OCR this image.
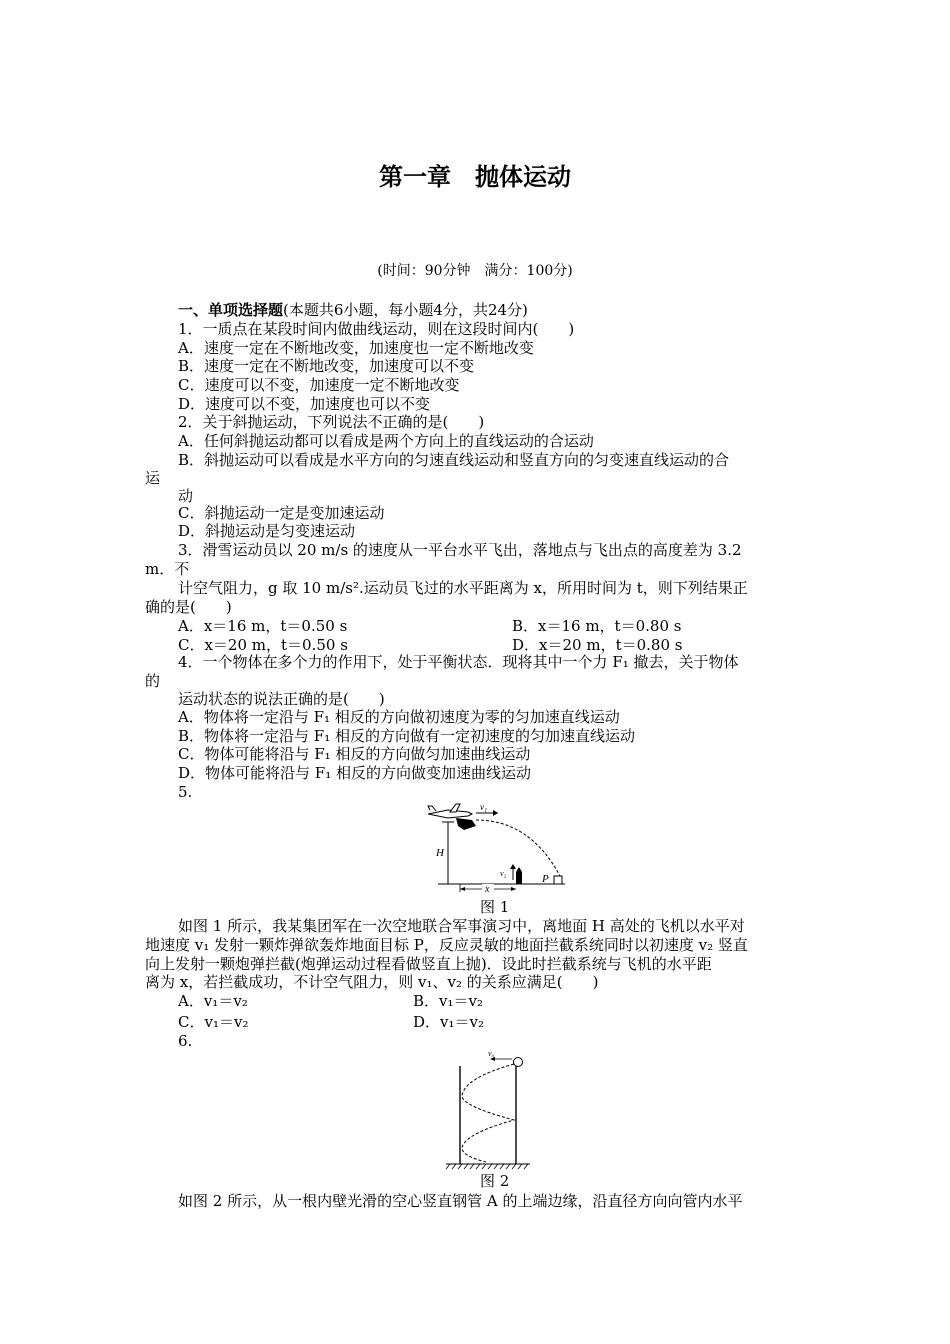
第一章　抛体运动
(时间：90分钟　满分：100分)
一、单项选择题(本题共6小题，每小题4分，共24分)
1．一质点在某段时间内做曲线运动，则在这段时间内(　　)
A．速度一定在不断地改变，加速度也一定不断地改变
B．速度一定在不断地改变，加速度可以不变
C．速度可以不变，加速度一定不断地改变
D．速度可以不变，加速度也可以不变
2．关于斜抛运动，下列说法不正确的是(　　)
A．任何斜抛运动都可以看成是两个方向上的直线运动的合运动
B．斜抛运动可以看成是水平方向的匀速直线运动和竖直方向的匀变速直线运动的合
运
动
C．斜抛运动一定是变加速运动
D．斜抛运动是匀变速运动
3．滑雪运动员以 20 m/s 的速度从一平台水平飞出，落地点与飞出点的高度差为 3.2
m．不
计空气阻力，g 取 10 m/s².运动员飞过的水平距离为 x，所用时间为 t，则下列结果正
确的是(　　)
A．x＝16 m，t＝0.50 s	B．x＝16 m，t＝0.80 s
C．x＝20 m，t＝0.50 s	D．x＝20 m，t＝0.80 s
4．一个物体在多个力的作用下，处于平衡状态．现将其中一个力 F₁ 撤去，关于物体
的
运动状态的说法正确的是(　　)
A．物体将一定沿与 F₁ 相反的方向做初速度为零的匀加速直线运动
B．物体将一定沿与 F₁ 相反的方向做有一定初速度的匀加速直线运动
C．物体可能将沿与 F₁ 相反的方向做匀加速曲线运动
D．物体可能将沿与 F₁ 相反的方向做变加速曲线运动
5.
v₁
H
v₂	P
x
图 1
如图 1 所示，我某集团军在一次空地联合军事演习中，离地面 H 高处的飞机以水平对
地速度 v₁ 发射一颗炸弹欲轰炸地面目标 P，反应灵敏的地面拦截系统同时以初速度 v₂ 竖直
向上发射一颗炮弹拦截(炮弹运动过程看做竖直上抛)．设此时拦截系统与飞机的水平距
离为 x，若拦截成功，不计空气阻力，则 v₁、v₂ 的关系应满足(　　)
A．v₁＝v₂	B．v₁＝v₂
C．v₁＝v₂	D．v₁＝v₂
6.
v₀
图 2
如图 2 所示，从一根内壁光滑的空心竖直钢管 A 的上端边缘，沿直径方向向管内水平
